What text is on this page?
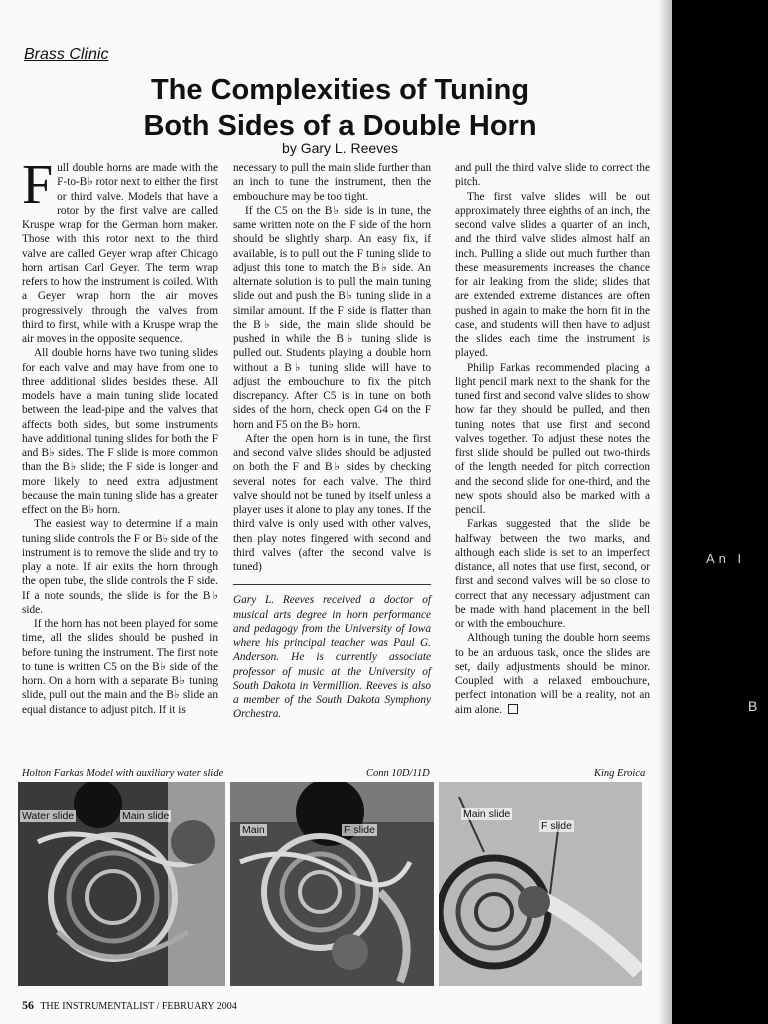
Brass Clinic
The Complexities of Tuning
Both Sides of a Double Horn
by Gary L. Reeves

Full double horns are made with the F-to-B♭ rotor next to either the first or third valve. Models that have a rotor by the first valve are called Kruspe wrap for the German horn maker. Those with this rotor next to the third valve are called Geyer wrap after Chicago horn artisan Carl Geyer. The term wrap refers to how the instrument is coiled. With a Geyer wrap horn the air moves progressively through the valves from third to first, while with a Kruspe wrap the air moves in the opposite sequence.

All double horns have two tuning slides for each valve and may have from one to three additional slides besides these. All models have a main tuning slide located between the lead-pipe and the valves that affects both sides, but some instruments have additional tuning slides for both the F and B♭ sides. The F slide is more common than the B♭ slide; the F side is longer and more likely to need extra adjustment because the main tuning slide has a greater effect on the B♭ horn.

The easiest way to determine if a main tuning slide controls the F or B♭ side of the instrument is to remove the slide and try to play a note. If air exits the horn through the open tube, the slide controls the F side. If a note sounds, the slide is for the B♭ side.

If the horn has not been played for some time, all the slides should be pushed in before tuning the instrument. The first note to tune is written C5 on the B♭ side of the horn. On a horn with a separate B♭ tuning slide, pull out the main and the B♭ slide an equal distance to adjust pitch. If it is

necessary to pull the main slide further than an inch to tune the instrument, then the embouchure may be too tight.

If the C5 on the B♭ side is in tune, the same written note on the F side of the horn should be slightly sharp. An easy fix, if available, is to pull out the F tuning slide to adjust this tone to match the B♭ side. An alternate solution is to pull the main tuning slide out and push the B♭ tuning slide in a similar amount. If the F side is flatter than the B♭ side, the main slide should be pushed in while the B♭ tuning slide is pulled out. Students playing a double horn without a B♭ tuning slide will have to adjust the embouchure to fix the pitch discrepancy. After C5 is in tune on both sides of the horn, check open G4 on the F horn and F5 on the B♭ horn.

After the open horn is in tune, the first and second valve slides should be adjusted on both the F and B♭ sides by checking several notes for each valve. The third valve should not be tuned by itself unless a player uses it alone to play any tones. If the third valve is only used with other valves, then play notes fingered with second and third valves (after the second valve is tuned)

Gary L. Reeves received a doctor of musical arts degree in horn performance and pedagogy from the University of Iowa where his principal teacher was Paul G. Anderson. He is currently associate professor of music at the University of South Dakota in Vermillion. Reeves is also a member of the South Dakota Symphony Orchestra.

and pull the third valve slide to correct the pitch.

The first valve slides will be out approximately three eighths of an inch, the second valve slides a quarter of an inch, and the third valve slides almost half an inch. Pulling a slide out much further than these measurements increases the chance for air leaking from the slide; slides that are extended extreme distances are often pushed in again to make the horn fit in the case, and students will then have to adjust the slides each time the instrument is played.

Philip Farkas recommended placing a light pencil mark next to the shank for the tuned first and second valve slides to show how far they should be pulled, and then tuning notes that use first and second valves together. To adjust these notes the first slide should be pulled out two-thirds of the length needed for pitch correction and the second slide for one-third, and the new spots should also be marked with a pencil.

Farkas suggested that the slide be halfway between the two marks, and although each slide is set to an imperfect distance, all notes that use first, second, or first and second valves will be so close to correct that any necessary adjustment can be made with hand placement in the bell or with the embouchure.

Although tuning the double horn seems to be an arduous task, once the slides are set, daily adjustments should be minor. Coupled with a relaxed embouchure, perfect intonation will be a reality, not an aim alone.

Holton Farkas Model with auxiliary water slide	Conn 10D/11D	King Eroica
Water slide	Main slide
Main	F slide
Main slide
F slide
56 THE INSTRUMENTALIST / FEBRUARY 2004
An I
B
